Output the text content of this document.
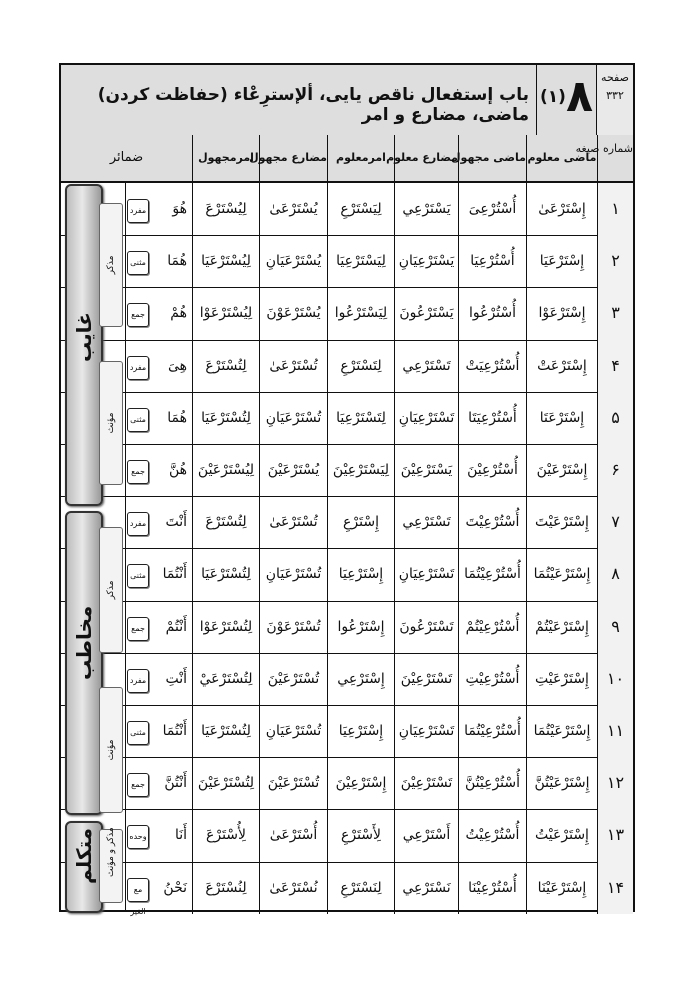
صفحه
۳۳۲
۸
(۱)
باب إستفعال ناقص يايى، ألإسترِعْاء (حفاظت كردن) ماضى، مضارع و امر
شماره صيغه
ماضى معلوم
ماضى مجهول
مضارع معلوم
امرمعلوم
مضارع مجهول
امرمجهول
ضمائر
۱
إِسْتَرْعَىٰ
أُسْتُرْعِىَ
يَسْتَرْعِي
لِيَسْتَرْعِ
يُسْتَرْعَىٰ
لِيُسْتَرْعَ
هُوَ
مفرد
۲
إِسْتَرْعَيَا
أُسْتُرْعِيَا
يَسْتَرْعِيَانِ
لِيَسْتَرْعِيَا
يُسْتَرْعَيَانِ
لِيُسْتَرْعَيَا
هُمَا
مثنى
۳
إِسْتَرْعَوْا
أُسْتُرْعُوا
يَسْتَرْعُونَ
لِيَسْتَرْعُوا
يُسْتَرْعَوْنَ
لِيُسْتَرْعَوْا
هُمْ
جمع
۴
إِسْتَرْعَتْ
أُسْتُرْعِيَتْ
تَسْتَرْعِي
لِتَسْتَرْعِ
تُسْتَرْعَىٰ
لِتُسْتَرْعَ
هِىَ
مفرد
۵
إِسْتَرْعَتَا
أُسْتُرْعِيَتَا
تَسْتَرْعِيَانِ
لِتَسْتَرْعِيَا
تُسْتَرْعَيَانِ
لِتُسْتَرْعَيَا
هُمَا
مثنى
۶
إِسْتَرْعَيْنَ
أُسْتُرْعِيْنَ
يَسْتَرْعِيْنَ
لِيَسْتَرْعِيْنَ
يُسْتَرْعَيْنَ
لِيُسْتَرْعَيْنَ
هُنَّ
جمع
۷
إِسْتَرْعَيْتَ
أُسْتُرْعِيْتَ
تَسْتَرْعِي
إِسْتَرْعِ
تُسْتَرْعَىٰ
لِتُسْتَرْعَ
أَنْتَ
مفرد
۸
إِسْتَرْعَيْتُمَا
أُسْتُرْعِيْتُمَا
تَسْتَرْعِيَانِ
إِسْتَرْعِيَا
تُسْتَرْعَيَانِ
لِتُسْتَرْعَيَا
أَنْتُمَا
مثنى
۹
إِسْتَرْعَيْتُمْ
أُسْتُرْعِيْتُمْ
تَسْتَرْعُونَ
إِسْتَرْعُوا
تُسْتَرْعَوْنَ
لِتُسْتَرْعَوْا
أَنْتُمْ
جمع
۱۰
إِسْتَرْعَيْتِ
أُسْتُرْعِيْتِ
تَسْتَرْعِيْنَ
إِسْتَرْعِي
تُسْتَرْعَيْنَ
لِتُسْتَرْعَيْ
أَنْتِ
مفرد
۱۱
إِسْتَرْعَيْتُمَا
أُسْتُرْعِيْتُمَا
تَسْتَرْعِيَانِ
إِسْتَرْعِيَا
تُسْتَرْعَيَانِ
لِتُسْتَرْعَيَا
أَنْتُمَا
مثنى
۱۲
إِسْتَرْعَيْتُنَّ
أُسْتُرْعِيْتُنَّ
تَسْتَرْعِيْنَ
إِسْتَرْعِيْنَ
تُسْتَرْعَيْنَ
لِتُسْتَرْعَيْنَ
أَنْتُنَّ
جمع
۱۳
إِسْتَرْعَيْتُ
أُسْتُرْعِيْتُ
أَسْتَرْعِي
لِأَسْتَرْعِ
أُسْتَرْعَىٰ
لِأُسْتَرْعَ
أَنَا
وحده
۱۴
إِسْتَرْعَيْنَا
أُسْتُرْعِيْنَا
نَسْتَرْعِي
لِنَسْتَرْعِ
نُسْتَرْعَىٰ
لِنُسْتَرْعَ
نَحْنُ
مع الغير
غايب
مذكر
مؤنث
مخاطب
مذكر
مؤنث
متكلم مذكر و مؤنث
